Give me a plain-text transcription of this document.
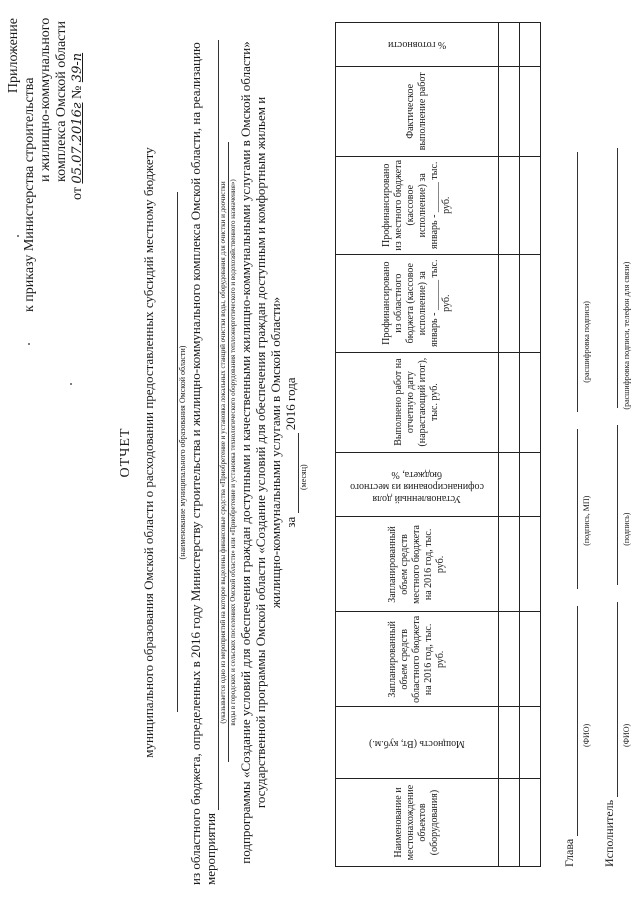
Приложение
к приказу Министерства строительства и жилищно-коммунального комплекса Омской области
от 05.07.2016г № 39-п
ОТЧЕТ муниципального образования Омской области о расходовании предоставленных субсидий местному бюджету
	(наименование муниципального образования Омской области) из областного бюджета, определенных в 2016 году Министерству строительства и жилищно-коммунального комплекса Омской области, на реализацию мероприятия
(указывается одно из мероприятий на которое выделены финансовые средства «Приобретение и установка локальных станций очистки воды, оборудования для очистки и доочистки воды в городских и сельских поселениях Омской области» или «Приобретение и установка технологического оборудования теплоэнергетического и водохозяйственного назначения») подпрограммы «Создание условий для обеспечения граждан доступными и качественными жилищно-коммунальными услугами в Омской области» государственной программы Омской области «Создание условий для обеспечения граждан доступным и комфортным жильем и жилищно-коммунальными услугами в Омской области» за   2016 года
(месяц)
Наименование и местонахождение объектов (оборудования)	Мощность (Вт, куб.м.)	Запланированный объем средств областного бюджета на 2016 год, тыс. руб.	Запланированный объем средств местного бюджета на 2016 год, тыс. руб.	Установленный доля софинансирования из местного бюджета, %	Выполнено работ на отчетную дату (нарастающий итог), тыс. руб.	Профинансировано из областного бюджета (кассовое исполнение) за январь - ______ тыс. руб.	Профинансировано из местного бюджета (кассовое исполнение) за январь - ______ тыс. руб.	Фактическое выполнение работ	% готовности

Глава
(ФИО) (подпись, МП) (расшифровка подписи)
Исполнитель
(ФИО) (подпись) (расшифровка подписи, телефон для связи)
